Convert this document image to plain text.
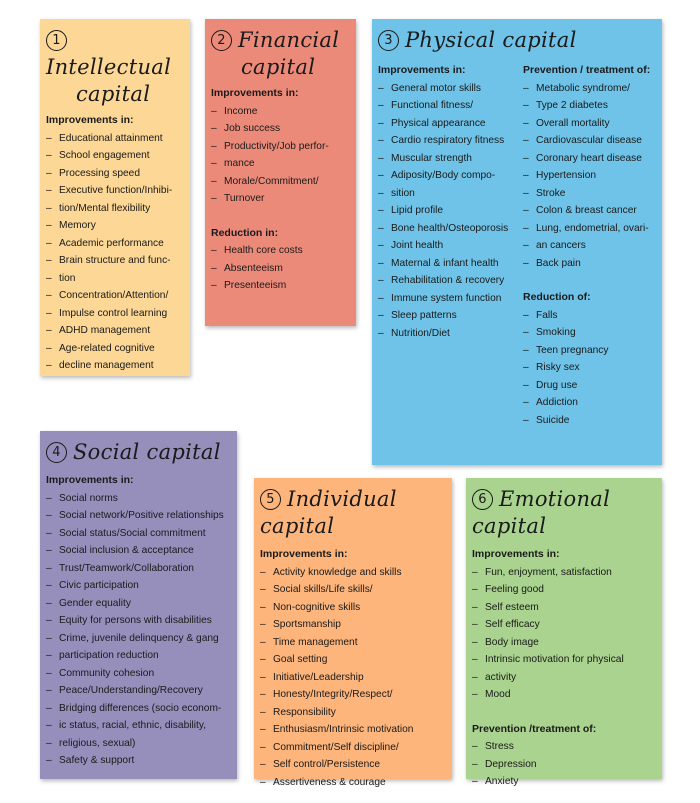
1Intellectual
capital
Improvements in:
– Educational attainment
– School engagement
– Processing speed
– Executive function/Inhibi-
– tion/Mental flexibility
– Memory
– Academic performance
– Brain structure and func-
– tion
– Concentration/Attention/
– Impulse control learning
– ADHD management
– Age-related cognitive
– decline management
2 Financial
capital
Improvements in:
– Income
– Job success
– Productivity/Job perfor-
– mance
– Morale/Commitment/
– Turnover
Reduction in:
– Health core costs
– Absenteeism
– Presenteeism
3 Physical capital
Improvements in:
– General motor skills
– Functional fitness/
– Physical appearance
– Cardio respiratory fitness
– Muscular strength
– Adiposity/Body compo-
– sition
– Lipid profile
– Bone health/Osteoporosis
– Joint health
– Maternal & infant health
– Rehabilitation & recovery
– Immune system function
– Sleep patterns
– Nutrition/Diet
Prevention / treatment of:
– Metabolic syndrome/
– Type 2 diabetes
– Overall mortality
– Cardiovascular disease
– Coronary heart disease
– Hypertension
– Stroke
– Colon & breast cancer
– Lung, endometrial, ovari-
– an cancers
– Back pain
Reduction of:
– Falls
– Smoking
– Teen pregnancy
– Risky sex
– Drug use
– Addiction
– Suicide
4 Social capital
Improvements in:
– Social norms
– Social network/Positive relationships
– Social status/Social commitment
– Social inclusion & acceptance
– Trust/Teamwork/Collaboration
– Civic participation
– Gender equality
– Equity for persons with disabilities
– Crime, juvenile delinquency & gang
– participation reduction
– Community cohesion
– Peace/Understanding/Recovery
– Bridging differences (socio econom-
– ic status, racial, ethnic, disability,
– religious, sexual)
– Safety & support
5 Individual capital
Improvements in:
– Activity knowledge and skills
– Social skills/Life skills/
– Non-cognitive skills
– Sportsmanship
– Time management
– Goal setting
– Initiative/Leadership
– Honesty/Integrity/Respect/
– Responsibility
– Enthusiasm/Intrinsic motivation
– Commitment/Self discipline/
– Self control/Persistence
– Assertiveness & courage
6 Emotional capital
Improvements in:
– Fun, enjoyment, satisfaction
– Feeling good
– Self esteem
– Self efficacy
– Body image
– Intrinsic motivation for physical
– activity
– Mood
Prevention /treatment of:
– Stress
– Depression
– Anxiety
